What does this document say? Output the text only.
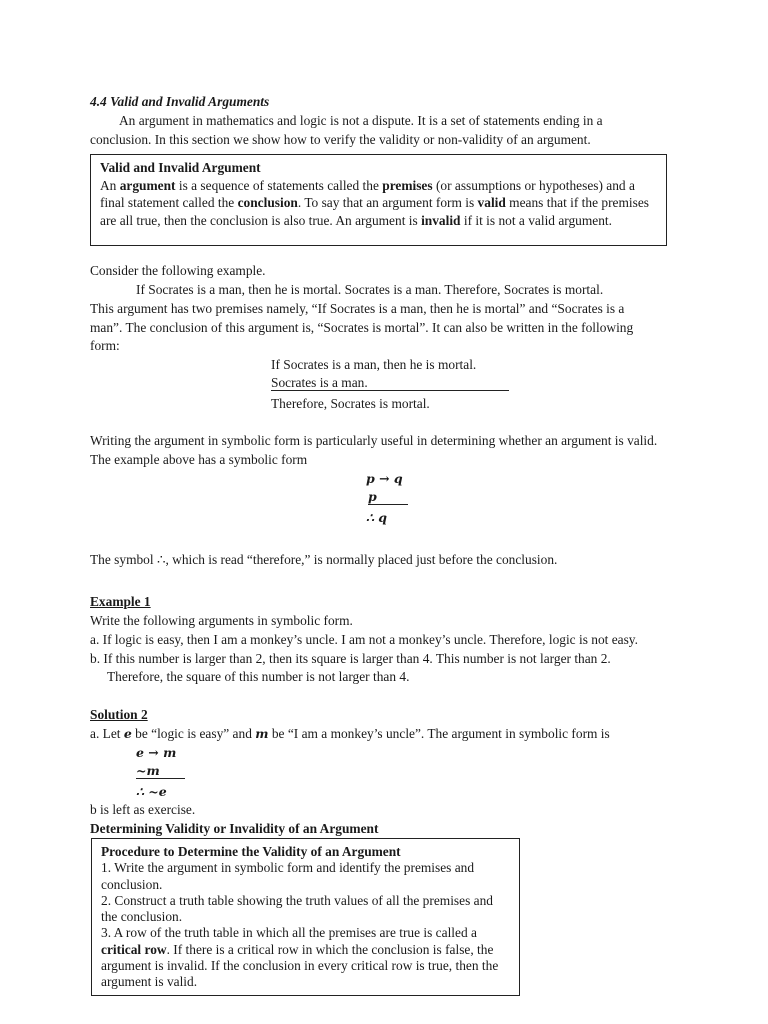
4.4 Valid and Invalid Arguments
An argument in mathematics and logic is not a dispute. It is a set of statements ending in a
conclusion. In this section we show how to verify the validity or non-validity of an argument.

Valid and Invalid Argument

An argument is a sequence of statements called the premises (or assumptions or hypotheses) and a final statement called the conclusion. To say that an argument form is valid means that if the premises are all true, then the conclusion is also true. An argument is invalid if it is not a valid argument.

Consider the following example.
If Socrates is a man, then he is mortal. Socrates is a man. Therefore, Socrates is mortal.
This argument has two premises namely, “If Socrates is a man, then he is mortal” and “Socrates is a man”. The conclusion of this argument is, “Socrates is mortal”. It can also be written in the following form:
If Socrates is a man, then he is mortal.
Socrates is a man.
Therefore, Socrates is mortal.
Writing the argument in symbolic form is particularly useful in determining whether an argument is valid.
The example above has a symbolic form
p → q
p
∴ q
The symbol ∴, which is read “therefore,” is normally placed just before the conclusion.
Example 1
Write the following arguments in symbolic form.
a. If logic is easy, then I am a monkey’s uncle. I am not a monkey’s uncle. Therefore, logic is not easy.
b. If this number is larger than 2, then its square is larger than 4. This number is not larger than 2.
Therefore, the square of this number is not larger than 4.
Solution 2
a. Let e be “logic is easy” and m be “I am a monkey’s uncle”. The argument in symbolic form is
e → m
~m
∴ ~e
b is left as exercise.
Determining Validity or Invalidity of an Argument

Procedure to Determine the Validity of an Argument

1. Write the argument in symbolic form and identify the premises and conclusion.

2. Construct a truth table showing the truth values of all the premises and the conclusion.

3. A row of the truth table in which all the premises are true is called a critical row. If there is a critical row in which the conclusion is false, the argument is invalid. If the conclusion in every critical row is true, then the argument is valid.
